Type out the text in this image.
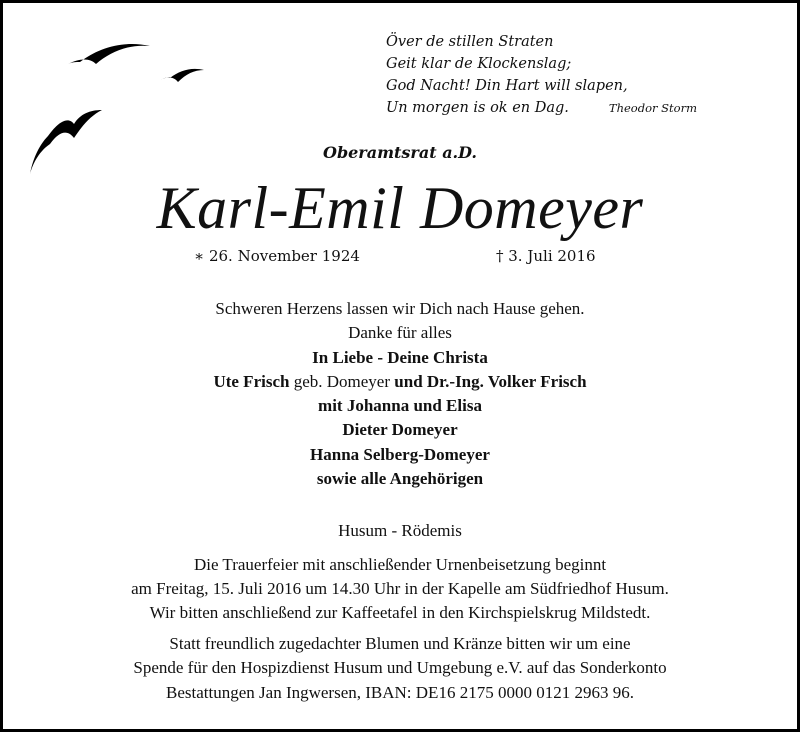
Över de stillen Straten
Geit klar de Klockenslag;
God Nacht! Din Hart will slapen,
Un morgen is ok en Dag.	Theodor Storm
Oberamtsrat a.D.
Karl-Emil Domeyer
∗ 26. November 1924	† 3. Juli 2016
Schweren Herzens lassen wir Dich nach Hause gehen.
Danke für alles
In Liebe - Deine Christa
Ute Frisch geb. Domeyer und Dr.-Ing. Volker Frisch
mit Johanna und Elisa
Dieter Domeyer
Hanna Selberg-Domeyer
sowie alle Angehörigen
Husum - Rödemis
Die Trauerfeier mit anschließender Urnenbeisetzung beginnt
am Freitag, 15. Juli 2016 um 14.30 Uhr in der Kapelle am Südfriedhof Husum.
Wir bitten anschließend zur Kaffeetafel in den Kirchspielskrug Mildstedt.
Statt freundlich zugedachter Blumen und Kränze bitten wir um eine
Spende für den Hospizdienst Husum und Umgebung e.V. auf das Sonderkonto
Bestattungen Jan Ingwersen, IBAN: DE16 2175 0000 0121 2963 96.
